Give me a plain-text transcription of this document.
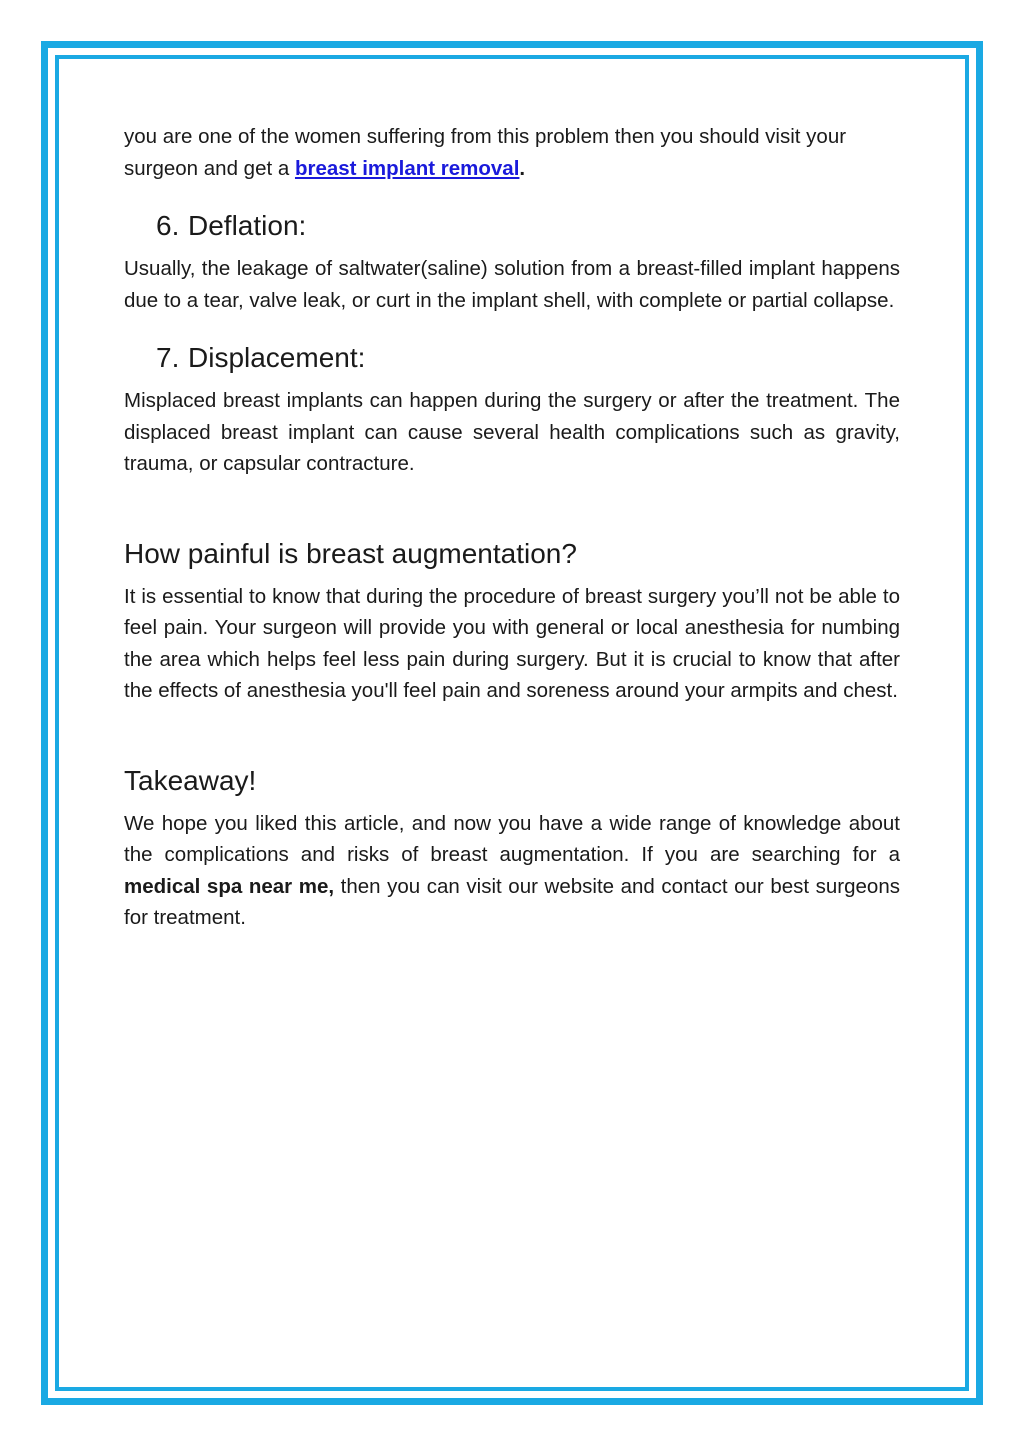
you are one of the women suffering from this problem then you should visit your surgeon and get a breast implant removal.

6. Deflation:

Usually, the leakage of saltwater(saline) solution from a breast-filled implant happens due to a tear, valve leak, or curt in the implant shell, with complete or partial collapse.

7. Displacement:

Misplaced breast implants can happen during the surgery or after the treatment. The displaced breast implant can cause several health complications such as gravity, trauma, or capsular contracture.

How painful is breast augmentation?

It is essential to know that during the procedure of breast surgery you’ll not be able to feel pain. Your surgeon will provide you with general or local anesthesia for numbing the area which helps feel less pain during surgery. But it is crucial to know that after the effects of anesthesia you'll feel pain and soreness around your armpits and chest.

Takeaway!

We hope you liked this article, and now you have a wide range of knowledge about the complications and risks of breast augmentation. If you are searching for a medical spa near me, then you can visit our website and contact our best surgeons for treatment.
